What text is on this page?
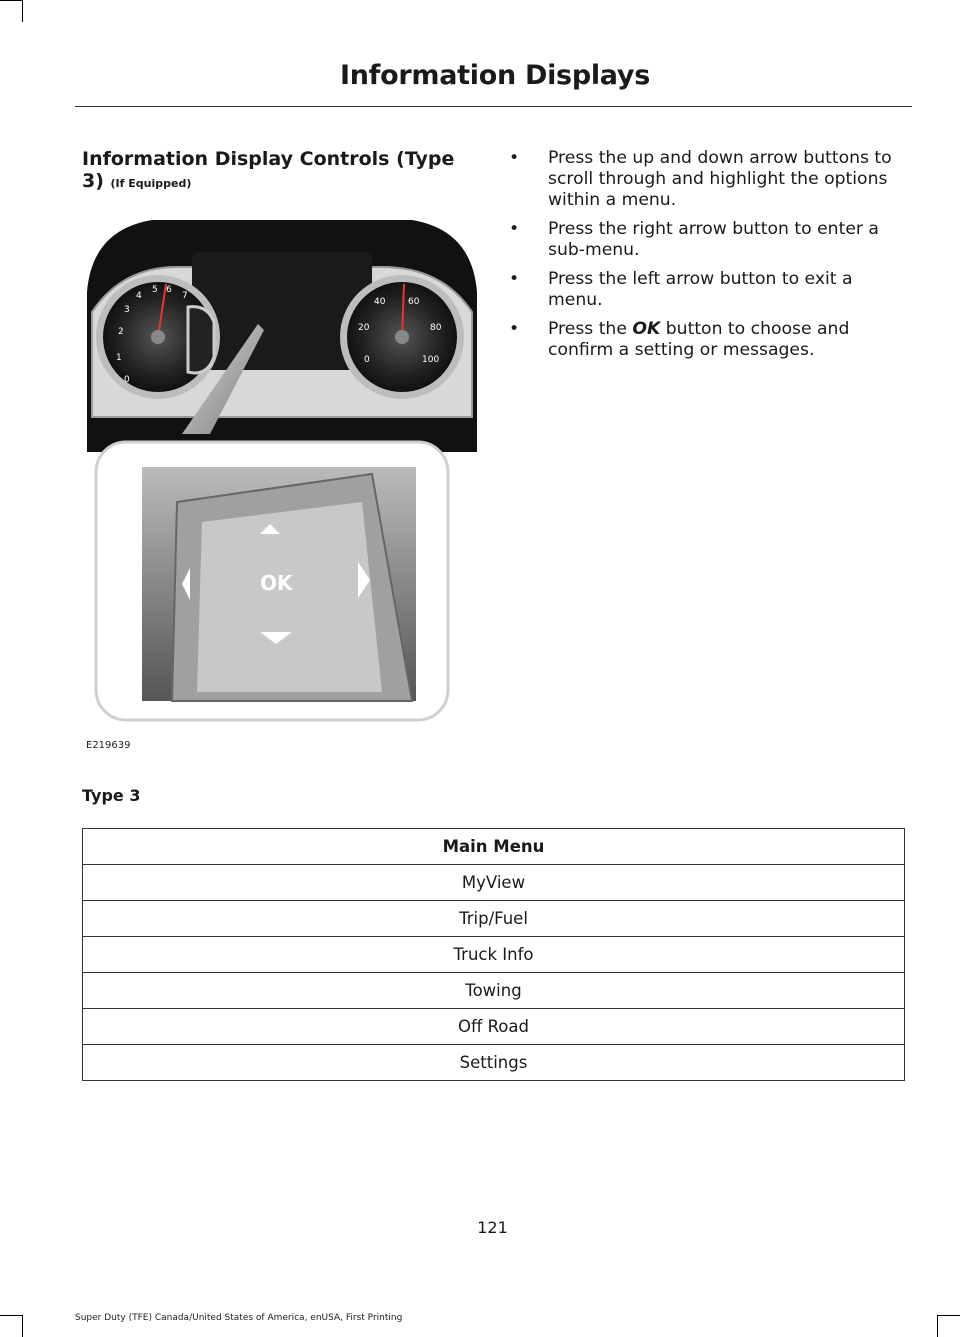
Information Displays
Information Display Controls (Type 3) (If Equipped)
0
1
2
3
4
5 6
7
0
20
40	60
80
100
OK
E219639
• Press the up and down arrow buttons to scroll through and highlight the options within a menu.
• Press the right arrow button to enter a sub-menu.
• Press the left arrow button to exit a menu.
• Press the OK button to choose and confirm a setting or messages.
Type 3
Main Menu
MyView
Trip/Fuel
Truck Info
Towing
Off Road
Settings
121
Super Duty (TFE) Canada/United States of America, enUSA, First Printing
